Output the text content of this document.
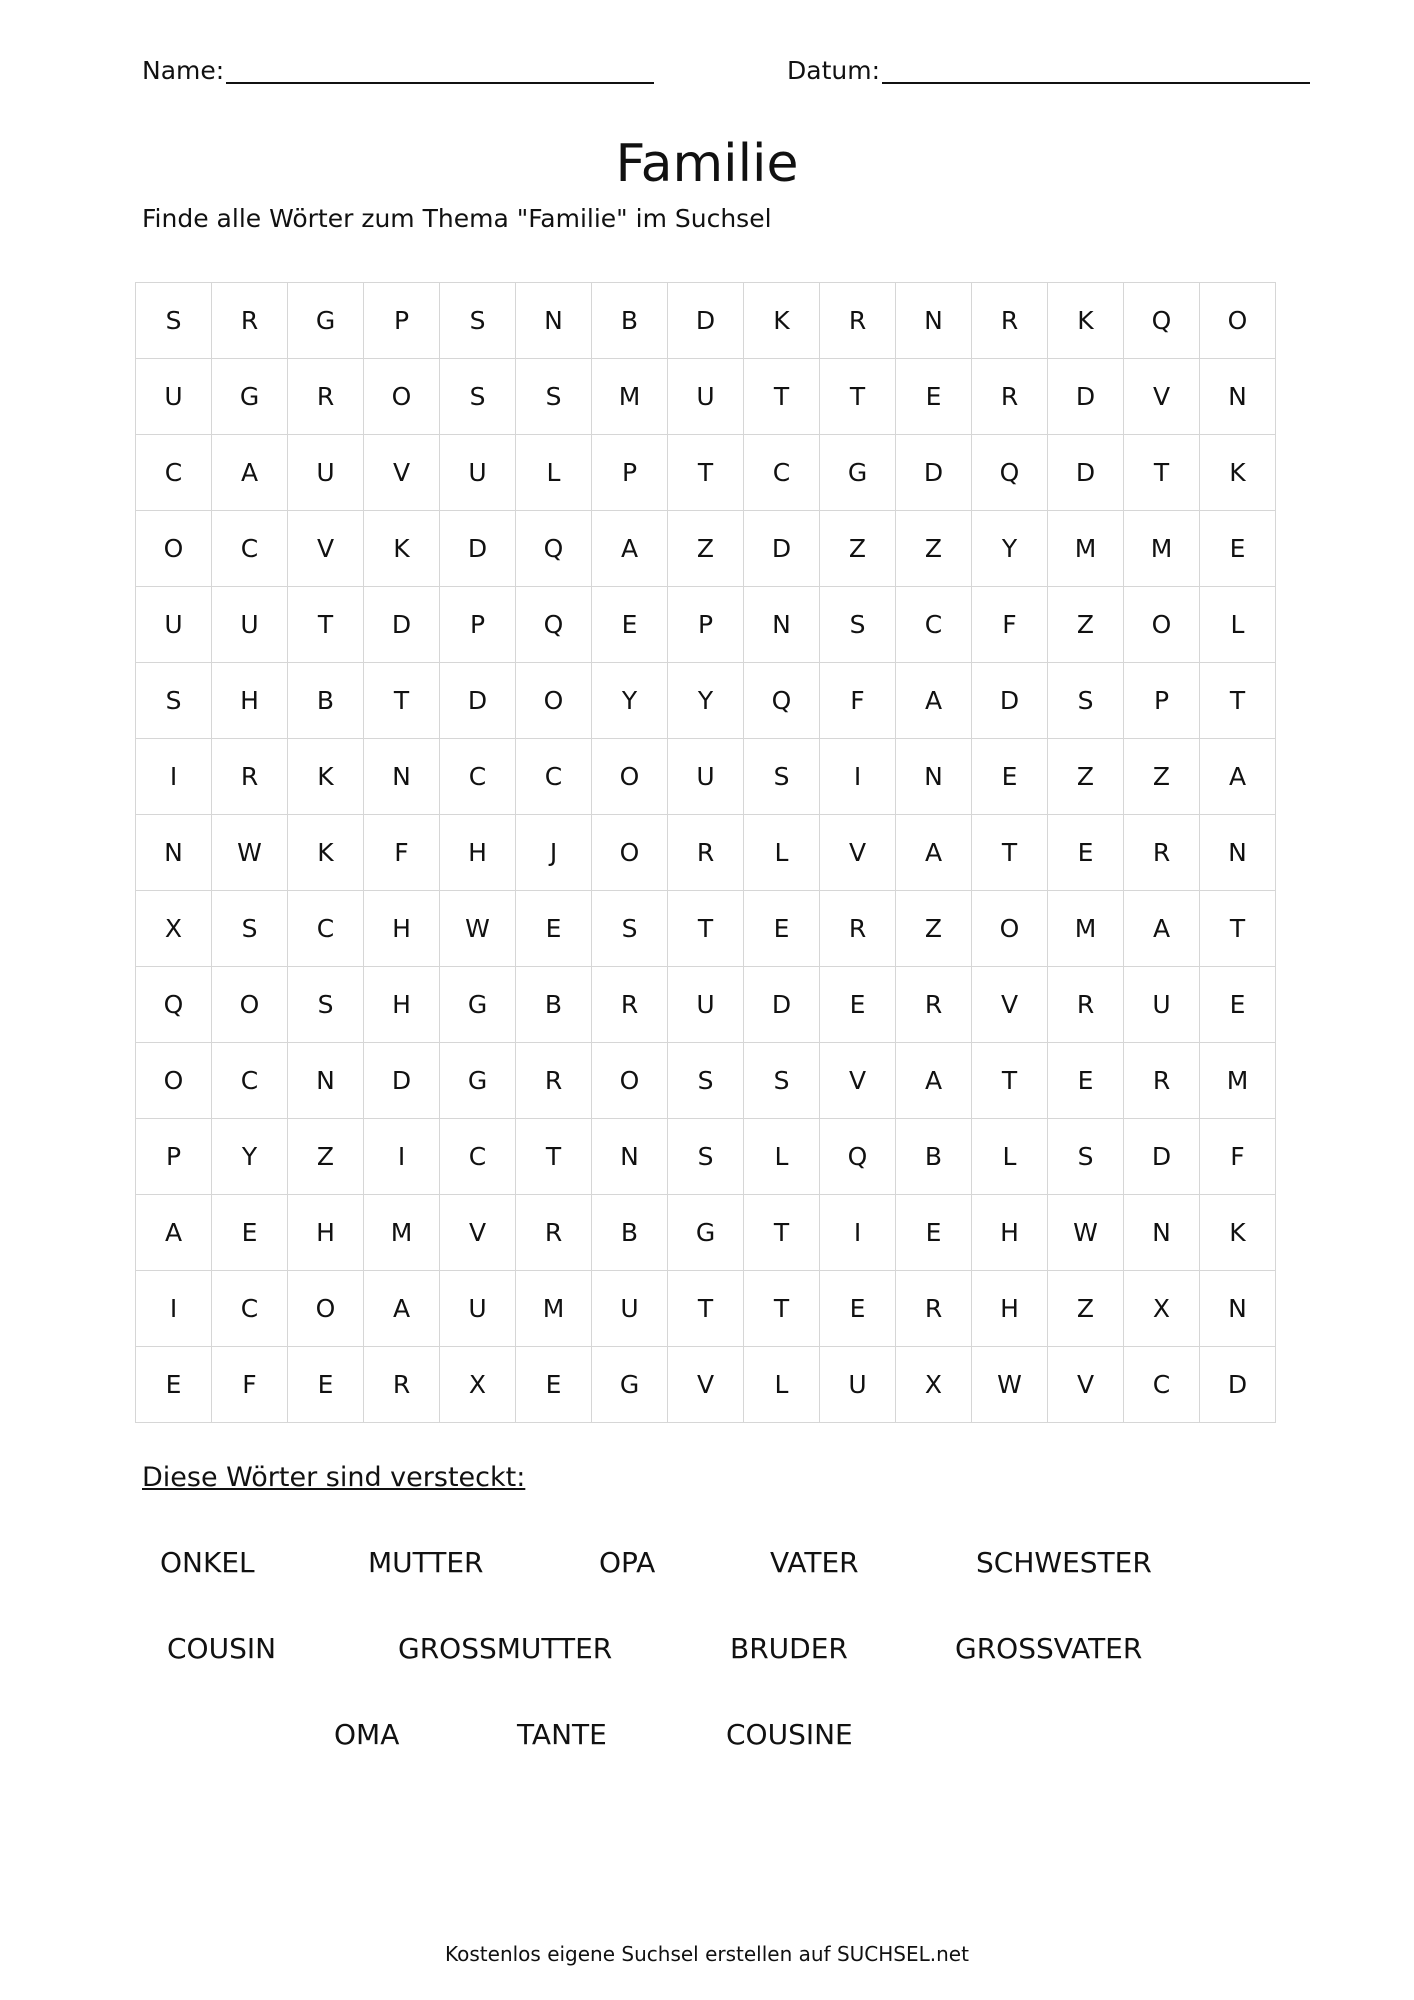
Name:	Datum:
Familie
Finde alle Wörter zum Thema "Familie" im Suchsel
S	R	G	P	S	N	B	D	K	R	N	R	K	Q	O
U	G	R	O	S	S	M	U	T	T	E	R	D	V	N
C	A	U	V	U	L	P	T	C	G	D	Q	D	T	K
O	C	V	K	D	Q	A	Z	D	Z	Z	Y	M	M	E
U	U	T	D	P	Q	E	P	N	S	C	F	Z	O	L
S	H	B	T	D	O	Y	Y	Q	F	A	D	S	P	T
I	R	K	N	C	C	O	U	S	I	N	E	Z	Z	A
N	W	K	F	H	J	O	R	L	V	A	T	E	R	N
X	S	C	H	W	E	S	T	E	R	Z	O	M	A	T
Q	O	S	H	G	B	R	U	D	E	R	V	R	U	E
O	C	N	D	G	R	O	S	S	V	A	T	E	R	M
P	Y	Z	I	C	T	N	S	L	Q	B	L	S	D	F
A	E	H	M	V	R	B	G	T	I	E	H	W	N	K
I	C	O	A	U	M	U	T	T	E	R	H	Z	X	N
E	F	E	R	X	E	G	V	L	U	X	W	V	C	D
Diese Wörter sind versteckt:
ONKEL	MUTTER	OPA	VATER	SCHWESTER
COUSIN	GROSSMUTTER	BRUDER	GROSSVATER
OMA	TANTE	COUSINE
Kostenlos eigene Suchsel erstellen auf SUCHSEL.net
